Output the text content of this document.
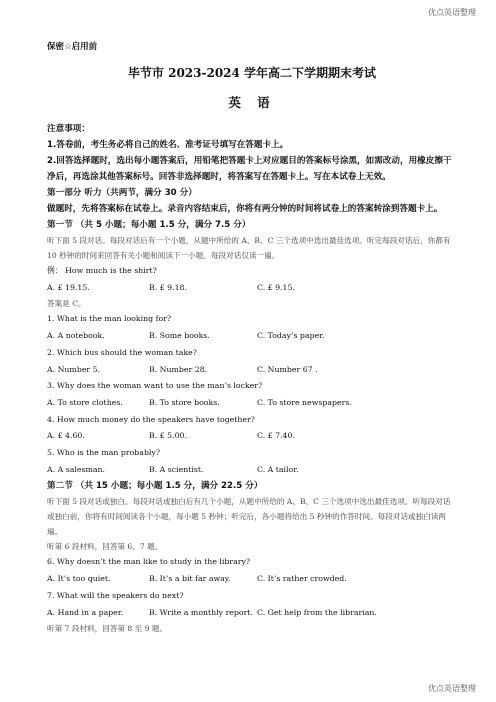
优点英语整理
保密☆启用前
毕节市 2023-2024 学年高二下学期期末考试
英 语
注意事项：
1.答卷前，考生务必将自己的姓名、准考证号填写在答题卡上。
2.回答选择题时，选出每小题答案后，用铅笔把答题卡上对应题目的答案标号涂黑，如需改动，用橡皮擦干净后，再选涂其他答案标号。回答非选择题时，将答案写在答题卡上。写在本试卷上无效。
第一部分 听力（共两节，满分 30 分）
做题时，先将答案标在试卷上。录音内容结束后，你将有两分钟的时间将试卷上的答案转涂到答题卡上。
第一节 （共 5 小题；每小题 1.5 分，满分 7.5 分）
听下面 5 段对话。每段对话后有一个小题，从题中所给的 A、B、C 三个选项中选出最佳选项。听完每段对话后，你都有 10 秒钟的时间来回答有关小题和阅读下一小题。每段对话仅读一遍。
例： How much is the shirt?
A. £ 19.15.	B. £ 9.18.	C. £ 9.15.
答案是 C。
1. What is the man looking for?
A. A notebook.	B. Some books.	C. Today’s paper.
2. Which bus should the woman take?
A. Number 5.	B. Number 28.	C. Number 67 .
3. Why does the woman want to use the man’s locker?
A. To store clothes.	B. To store books.	C. To store newspapers.
4. How much money do the speakers have together?
A. £ 4.60.	B. £ 5.00.	C. £ 7.40.
5. Who is the man probably?
A. A salesman.	B. A scientist.	C. A tailor.
第二节 （共 15 小题；每小题 1.5 分，满分 22.5 分）
听下面 5 段对话或独白。每段对话或独白后有几个小题，从题中所给的 A、B、C 三个选项中选出最佳选项。听每段对话或独白前，你将有时间阅读各个小题，每小题 5 秒钟；听完后，各小题将给出 5 秒钟的作答时间。每段对话或独白读两遍。
听第 6 段材料，回答第 6、7 题。
6. Why doesn’t the man like to study in the library?
A. It’s too quiet.	B. It’s a bit far away.	C. It’s rather crowded.
7. What will the speakers do next?
A. Hand in a paper.	B. Write a monthly report. C. Get help from the librarian.
听第 7 段材料，回答第 8 至 9 题。
优点英语整理
